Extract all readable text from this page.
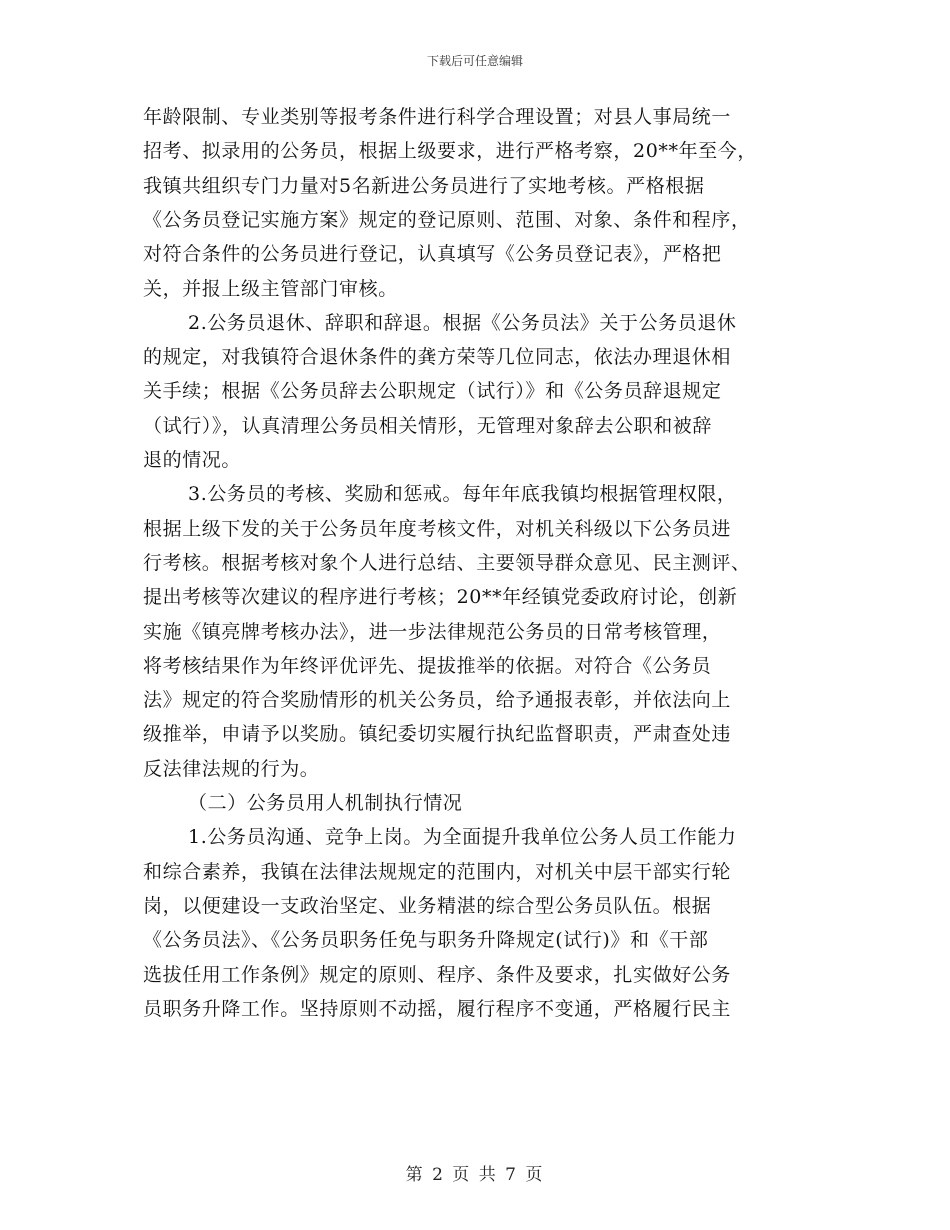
下载后可任意编辑
年龄限制、专业类别等报考条件进行科学合理设置；对县人事局统一
招考、拟录用的公务员，根据上级要求，进行严格考察，20**年至今，
我镇共组织专门力量对5名新进公务员进行了实地考核。严格根据
《公务员登记实施方案》规定的登记原则、范围、对象、条件和程序，
对符合条件的公务员进行登记，认真填写《公务员登记表》，严格把
关，并报上级主管部门审核。
2.公务员退休、辞职和辞退。根据《公务员法》关于公务员退休
的规定，对我镇符合退休条件的龚方荣等几位同志，依法办理退休相
关手续；根据《公务员辞去公职规定（试行）》和《公务员辞退规定
（试行）》，认真清理公务员相关情形，无管理对象辞去公职和被辞
退的情况。
3.公务员的考核、奖励和惩戒。每年年底我镇均根据管理权限，
根据上级下发的关于公务员年度考核文件，对机关科级以下公务员进
行考核。根据考核对象个人进行总结、主要领导群众意见、民主测评、
提出考核等次建议的程序进行考核；20**年经镇党委政府讨论，创新
实施《镇亮牌考核办法》，进一步法律规范公务员的日常考核管理，
将考核结果作为年终评优评先、提拔推举的依据。对符合《公务员
法》规定的符合奖励情形的机关公务员，给予通报表彰，并依法向上
级推举，申请予以奖励。镇纪委切实履行执纪监督职责，严肃查处违
反法律法规的行为。
（二）公务员用人机制执行情况
1.公务员沟通、竞争上岗。为全面提升我单位公务人员工作能力
和综合素养，我镇在法律法规规定的范围内，对机关中层干部实行轮
岗，以便建设一支政治坚定、业务精湛的综合型公务员队伍。根据
《公务员法》、《公务员职务任免与职务升降规定(试行)》和《干部
选拔任用工作条例》规定的原则、程序、条件及要求，扎实做好公务
员职务升降工作。坚持原则不动摇，履行程序不变通，严格履行民主
第 2 页 共 7 页
